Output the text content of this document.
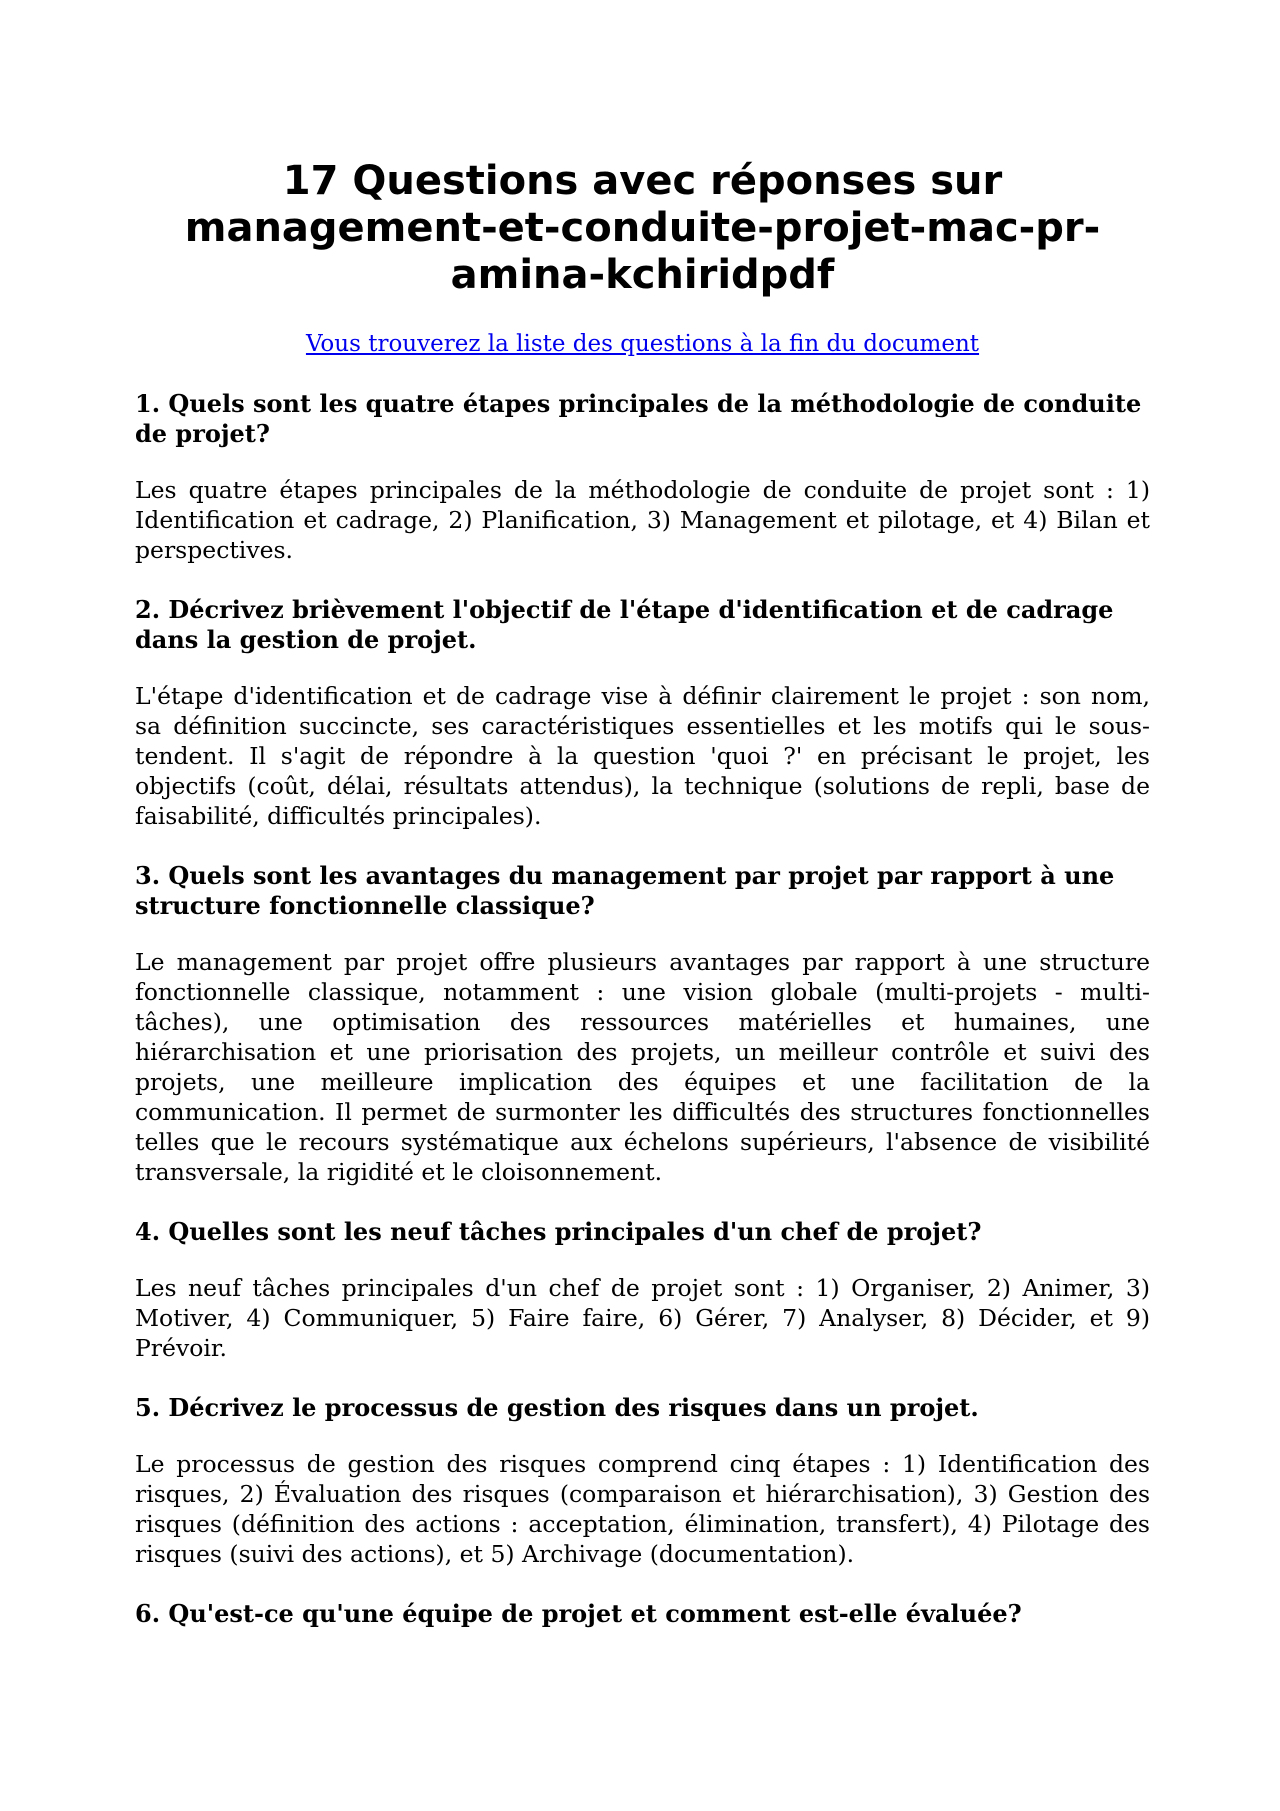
17 Questions avec réponses sur management-et-conduite-projet-mac-pr-amina-kchiridpdf
Vous trouverez la liste des questions à la fin du document

1. Quels sont les quatre étapes principales de la méthodologie de conduite de projet?

Les quatre étapes principales de la méthodologie de conduite de projet sont : 1) Identification et cadrage, 2) Planification, 3) Management et pilotage, et 4) Bilan et perspectives.

2. Décrivez brièvement l'objectif de l'étape d'identification et de cadrage dans la gestion de projet.

L'étape d'identification et de cadrage vise à définir clairement le projet : son nom, sa définition succincte, ses caractéristiques essentielles et les motifs qui le sous-tendent. Il s'agit de répondre à la question 'quoi ?' en précisant le projet, les objectifs (coût, délai, résultats attendus), la technique (solutions de repli, base de faisabilité, difficultés principales).

3. Quels sont les avantages du management par projet par rapport à une structure fonctionnelle classique?

Le management par projet offre plusieurs avantages par rapport à une structure fonctionnelle classique, notamment : une vision globale (multi-projets - multi-tâches), une optimisation des ressources matérielles et humaines, une hiérarchisation et une priorisation des projets, un meilleur contrôle et suivi des projets, une meilleure implication des équipes et une facilitation de la communication. Il permet de surmonter les difficultés des structures fonctionnelles telles que le recours systématique aux échelons supérieurs, l'absence de visibilité transversale, la rigidité et le cloisonnement.

4. Quelles sont les neuf tâches principales d'un chef de projet?

Les neuf tâches principales d'un chef de projet sont : 1) Organiser, 2) Animer, 3) Motiver, 4) Communiquer, 5) Faire faire, 6) Gérer, 7) Analyser, 8) Décider, et 9) Prévoir.

5. Décrivez le processus de gestion des risques dans un projet.

Le processus de gestion des risques comprend cinq étapes : 1) Identification des risques, 2) Évaluation des risques (comparaison et hiérarchisation), 3) Gestion des risques (définition des actions : acceptation, élimination, transfert), 4) Pilotage des risques (suivi des actions), et 5) Archivage (documentation).

6. Qu'est-ce qu'une équipe de projet et comment est-elle évaluée?
